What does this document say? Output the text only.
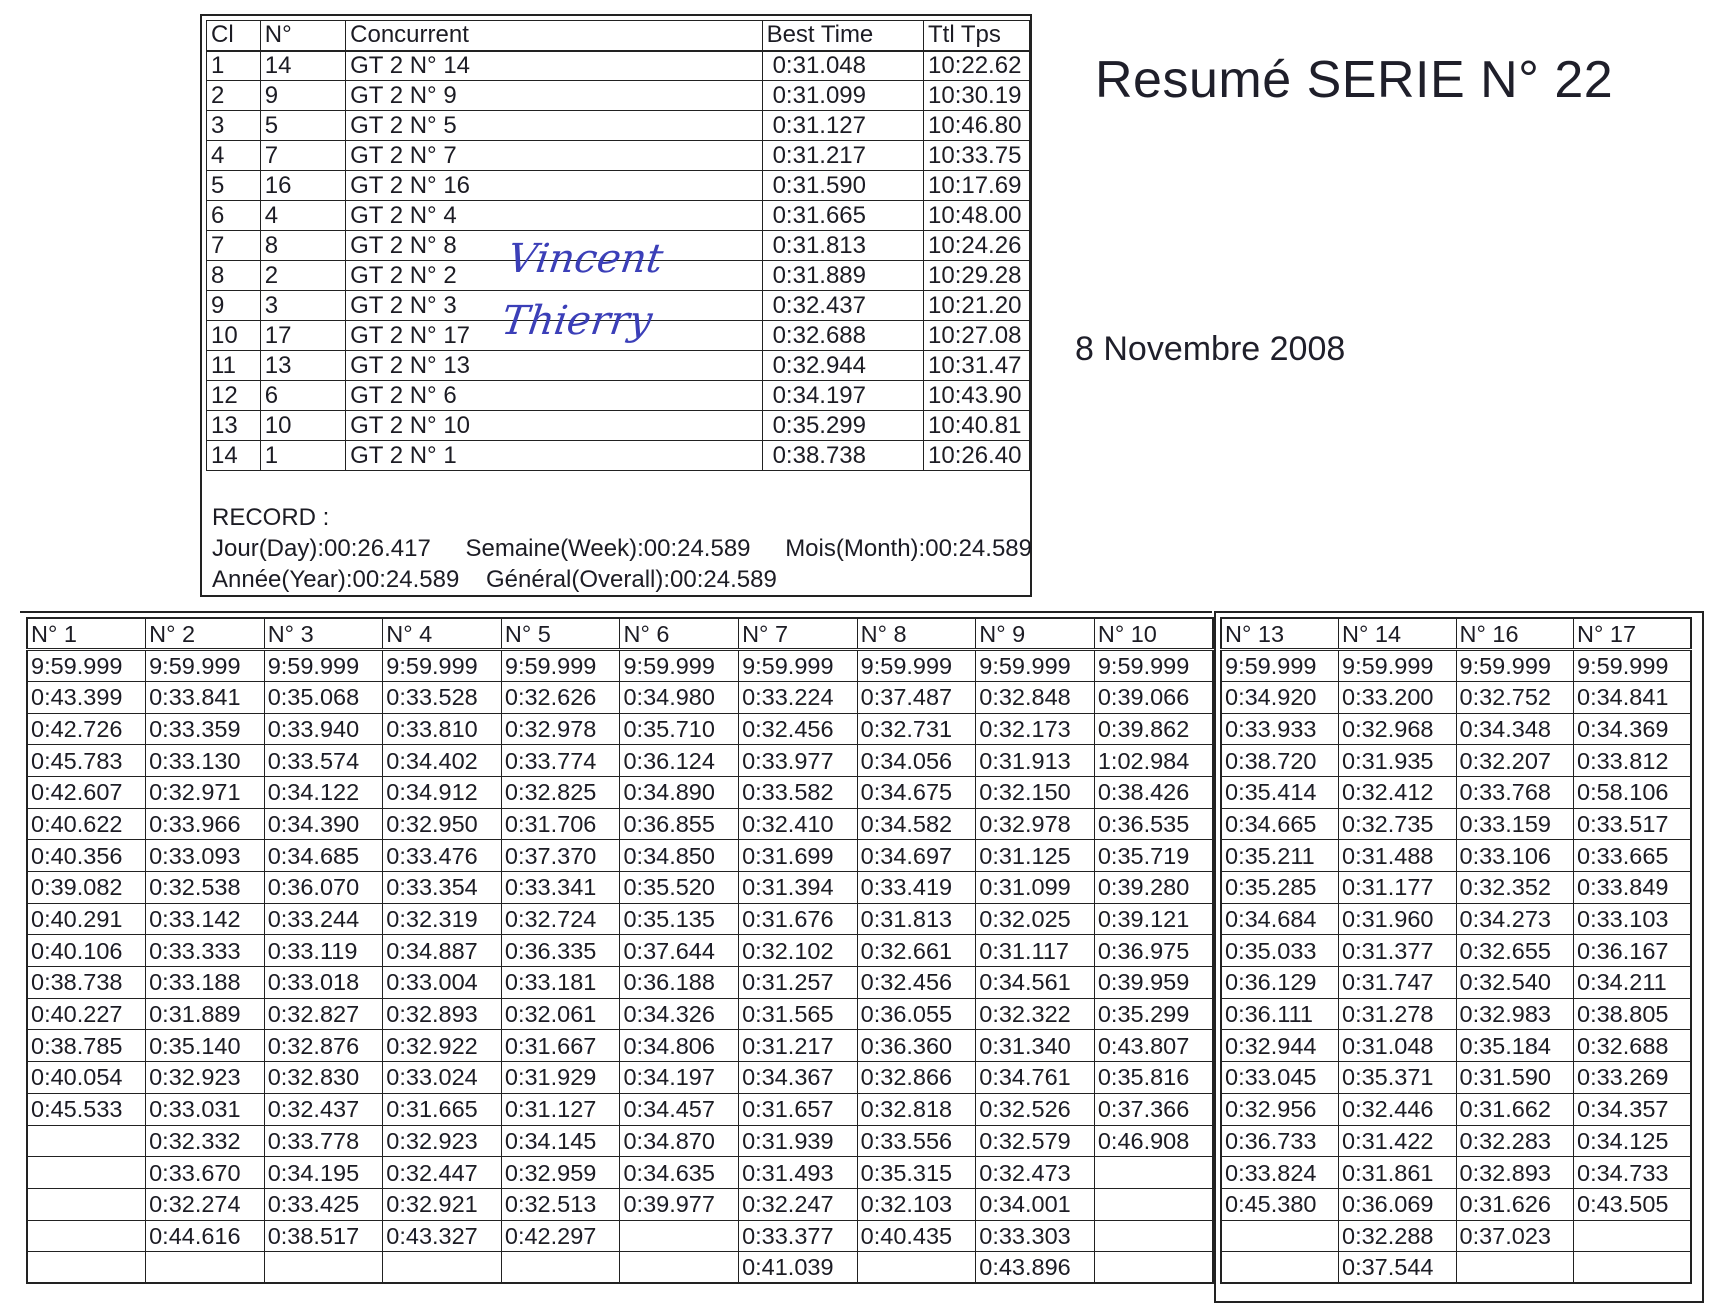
Resumé SERIE N° 22
8 Novembre 2008
Cl	N°	Concurrent	Best Time	Ttl Tps
1	14	GT 2 N° 14	0:31.048	10:22.62
2	9	GT 2 N° 9	0:31.099	10:30.19
3	5	GT 2 N° 5	0:31.127	10:46.80
4	7	GT 2 N° 7	0:31.217	10:33.75
5	16	GT 2 N° 16	0:31.590	10:17.69
6	4	GT 2 N° 4	0:31.665	10:48.00
7	8	GT 2 N° 8	0:31.813	10:24.26
8	2	GT 2 N° 2	0:31.889	10:29.28
9	3	GT 2 N° 3	0:32.437	10:21.20
10	17	GT 2 N° 17	0:32.688	10:27.08
11	13	GT 2 N° 13	0:32.944	10:31.47
12	6	GT 2 N° 6	0:34.197	10:43.90
13	10	GT 2 N° 10	0:35.299	10:40.81
14	1	GT 2 N° 1	0:38.738	10:26.40
RECORD :
Jour(Day):00:26.417    Semaine(Week):00:24.589    Mois(Month):00:24.589
Année(Year):00:24.589    Général(Overall):00:24.589
Vincent
Thierry
N° 1	N° 2	N° 3	N° 4	N° 5	N° 6	N° 7	N° 8	N° 9	N° 10
9:59.999	9:59.999	9:59.999	9:59.999	9:59.999	9:59.999	9:59.999	9:59.999	9:59.999	9:59.999
0:43.399	0:33.841	0:35.068	0:33.528	0:32.626	0:34.980	0:33.224	0:37.487	0:32.848	0:39.066
0:42.726	0:33.359	0:33.940	0:33.810	0:32.978	0:35.710	0:32.456	0:32.731	0:32.173	0:39.862
0:45.783	0:33.130	0:33.574	0:34.402	0:33.774	0:36.124	0:33.977	0:34.056	0:31.913	1:02.984
0:42.607	0:32.971	0:34.122	0:34.912	0:32.825	0:34.890	0:33.582	0:34.675	0:32.150	0:38.426
0:40.622	0:33.966	0:34.390	0:32.950	0:31.706	0:36.855	0:32.410	0:34.582	0:32.978	0:36.535
0:40.356	0:33.093	0:34.685	0:33.476	0:37.370	0:34.850	0:31.699	0:34.697	0:31.125	0:35.719
0:39.082	0:32.538	0:36.070	0:33.354	0:33.341	0:35.520	0:31.394	0:33.419	0:31.099	0:39.280
0:40.291	0:33.142	0:33.244	0:32.319	0:32.724	0:35.135	0:31.676	0:31.813	0:32.025	0:39.121
0:40.106	0:33.333	0:33.119	0:34.887	0:36.335	0:37.644	0:32.102	0:32.661	0:31.117	0:36.975
0:38.738	0:33.188	0:33.018	0:33.004	0:33.181	0:36.188	0:31.257	0:32.456	0:34.561	0:39.959
0:40.227	0:31.889	0:32.827	0:32.893	0:32.061	0:34.326	0:31.565	0:36.055	0:32.322	0:35.299
0:38.785	0:35.140	0:32.876	0:32.922	0:31.667	0:34.806	0:31.217	0:36.360	0:31.340	0:43.807
0:40.054	0:32.923	0:32.830	0:33.024	0:31.929	0:34.197	0:34.367	0:32.866	0:34.761	0:35.816
0:45.533	0:33.031	0:32.437	0:31.665	0:31.127	0:34.457	0:31.657	0:32.818	0:32.526	0:37.366
	0:32.332	0:33.778	0:32.923	0:34.145	0:34.870	0:31.939	0:33.556	0:32.579	0:46.908
	0:33.670	0:34.195	0:32.447	0:32.959	0:34.635	0:31.493	0:35.315	0:32.473	
	0:32.274	0:33.425	0:32.921	0:32.513	0:39.977	0:32.247	0:32.103	0:34.001	
	0:44.616	0:38.517	0:43.327	0:42.297		0:33.377	0:40.435	0:33.303	
						0:41.039		0:43.896	
N° 13	N° 14	N° 16	N° 17
9:59.999	9:59.999	9:59.999	9:59.999
0:34.920	0:33.200	0:32.752	0:34.841
0:33.933	0:32.968	0:34.348	0:34.369
0:38.720	0:31.935	0:32.207	0:33.812
0:35.414	0:32.412	0:33.768	0:58.106
0:34.665	0:32.735	0:33.159	0:33.517
0:35.211	0:31.488	0:33.106	0:33.665
0:35.285	0:31.177	0:32.352	0:33.849
0:34.684	0:31.960	0:34.273	0:33.103
0:35.033	0:31.377	0:32.655	0:36.167
0:36.129	0:31.747	0:32.540	0:34.211
0:36.111	0:31.278	0:32.983	0:38.805
0:32.944	0:31.048	0:35.184	0:32.688
0:33.045	0:35.371	0:31.590	0:33.269
0:32.956	0:32.446	0:31.662	0:34.357
0:36.733	0:31.422	0:32.283	0:34.125
0:33.824	0:31.861	0:32.893	0:34.733
0:45.380	0:36.069	0:31.626	0:43.505
	0:32.288	0:37.023	
	0:37.544		
